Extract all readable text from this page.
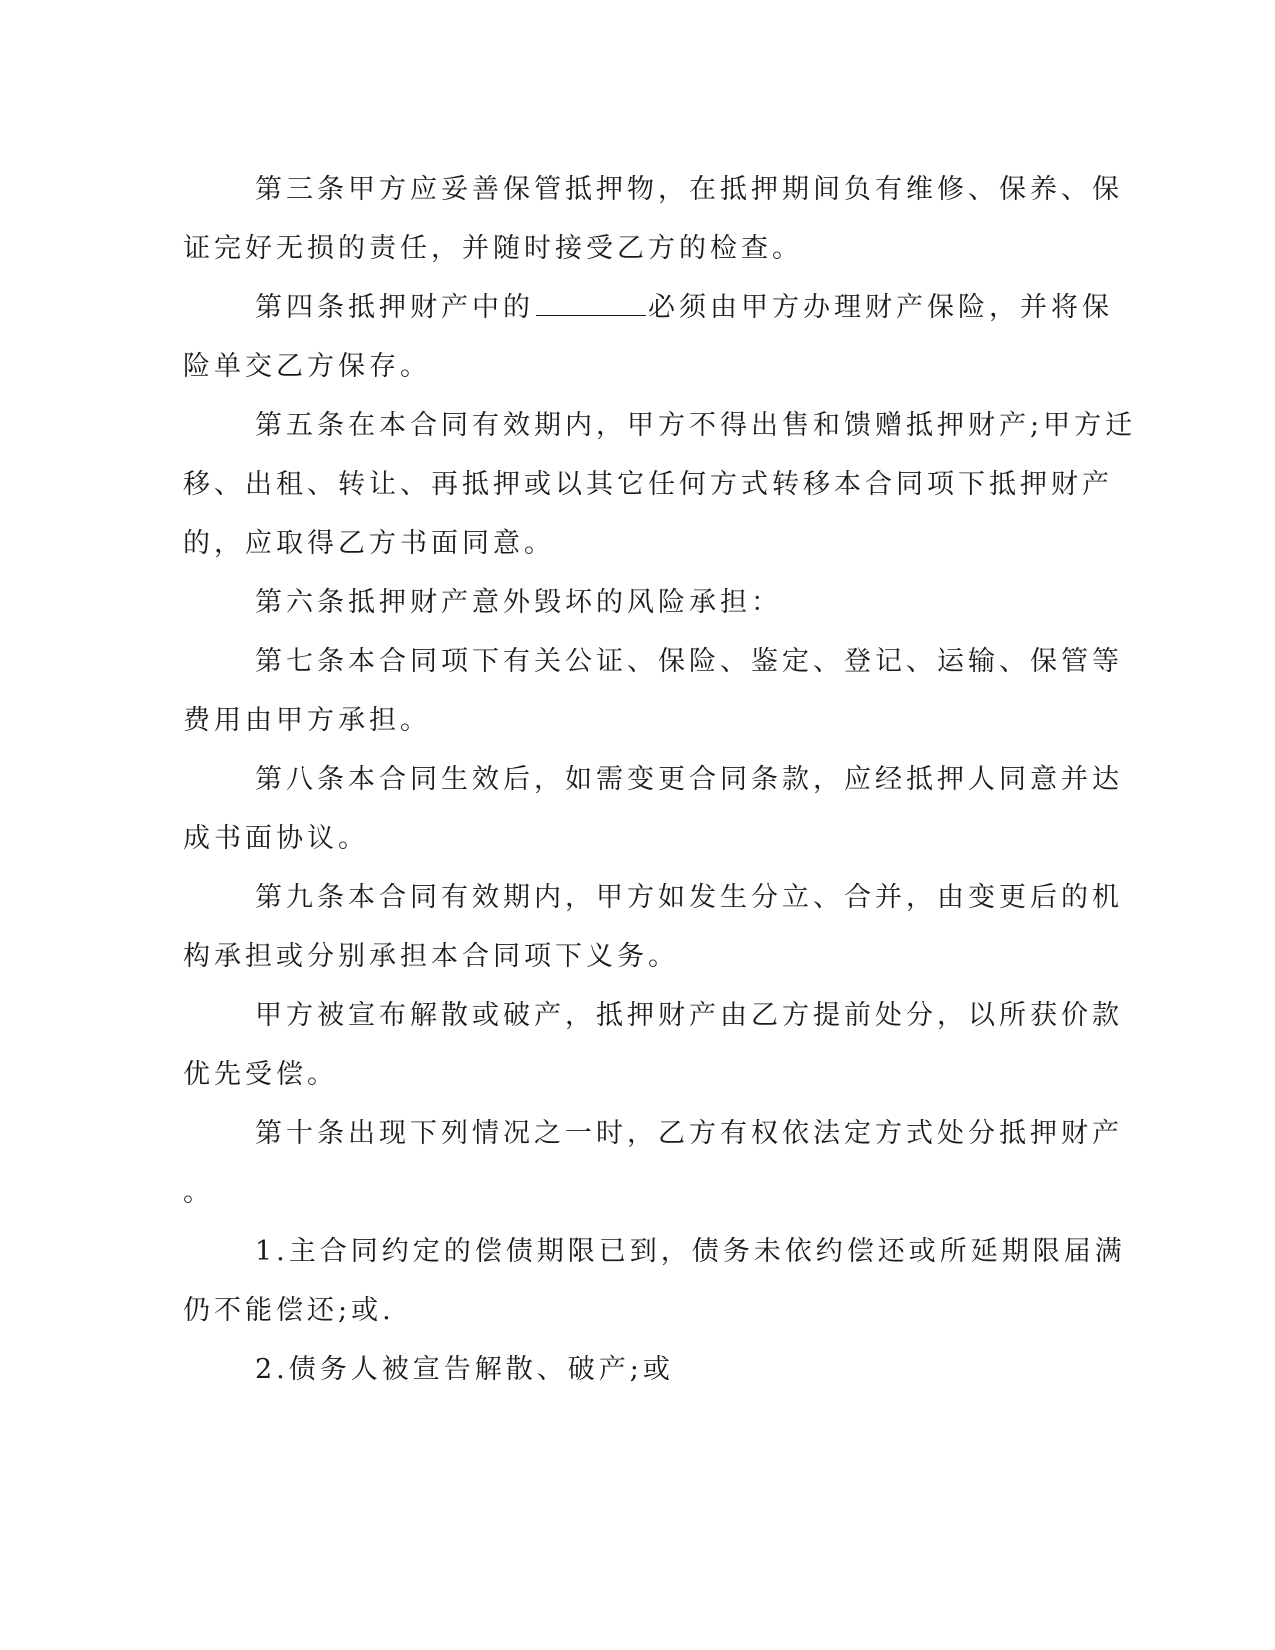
第三条甲方应妥善保管抵押物，在抵押期间负有维修、保养、保
证完好无损的责任，并随时接受乙方的检查。
第四条抵押财产中的	必须由甲方办理财产保险，并将保
险单交乙方保存。
第五条在本合同有效期内，甲方不得出售和馈赠抵押财产;甲方迁
移、出租、转让、再抵押或以其它任何方式转移本合同项下抵押财产
的，应取得乙方书面同意。
第六条抵押财产意外毁坏的风险承担：
第七条本合同项下有关公证、保险、鉴定、登记、运输、保管等
费用由甲方承担。
第八条本合同生效后，如需变更合同条款，应经抵押人同意并达
成书面协议。
第九条本合同有效期内，甲方如发生分立、合并，由变更后的机
构承担或分别承担本合同项下义务。
甲方被宣布解散或破产，抵押财产由乙方提前处分，以所获价款
优先受偿。
第十条出现下列情况之一时，乙方有权依法定方式处分抵押财产
。
1.主合同约定的偿债期限已到，债务未依约偿还或所延期限届满
仍不能偿还;或.
2.债务人被宣告解散、破产;或
